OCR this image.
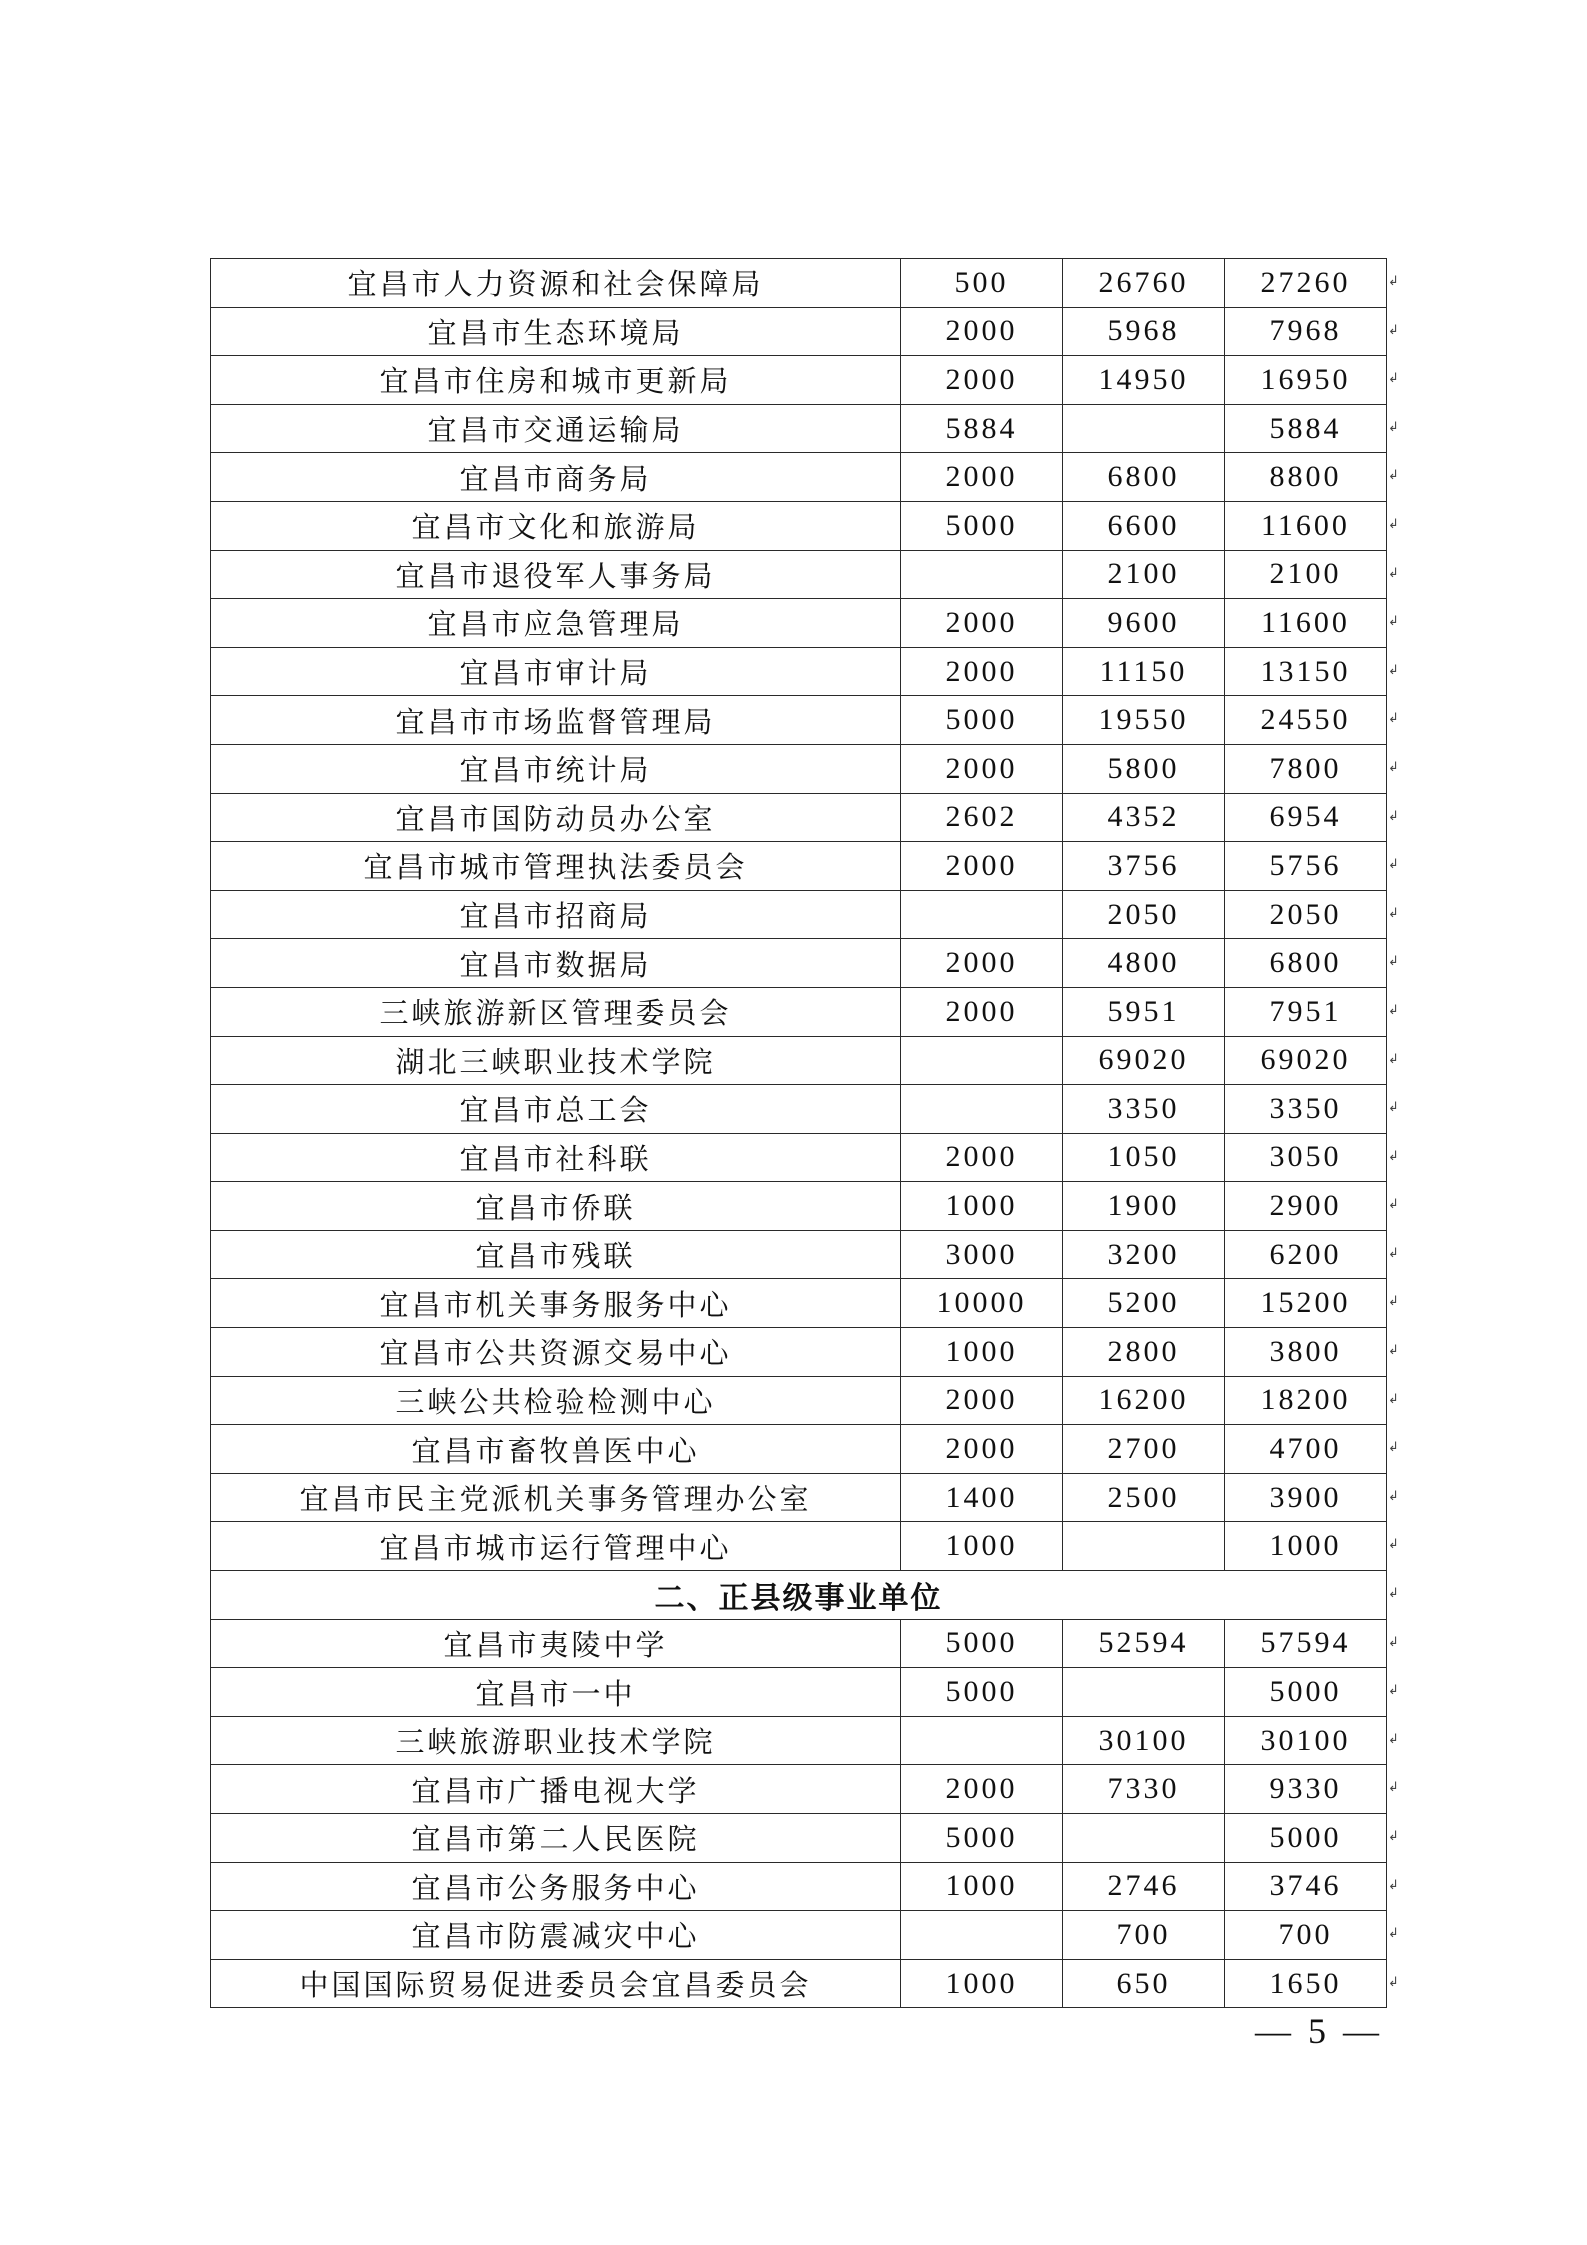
宜昌市人力资源和社会保障局	500	26760	27260
宜昌市生态环境局	2000	5968	7968
宜昌市住房和城市更新局	2000	14950	16950
宜昌市交通运输局	5884		5884
宜昌市商务局	2000	6800	8800
宜昌市文化和旅游局	5000	6600	11600
宜昌市退役军人事务局		2100	2100
宜昌市应急管理局	2000	9600	11600
宜昌市审计局	2000	11150	13150
宜昌市市场监督管理局	5000	19550	24550
宜昌市统计局	2000	5800	7800
宜昌市国防动员办公室	2602	4352	6954
宜昌市城市管理执法委员会	2000	3756	5756
宜昌市招商局		2050	2050
宜昌市数据局	2000	4800	6800
三峡旅游新区管理委员会	2000	5951	7951
湖北三峡职业技术学院		69020	69020
宜昌市总工会		3350	3350
宜昌市社科联	2000	1050	3050
宜昌市侨联	1000	1900	2900
宜昌市残联	3000	3200	6200
宜昌市机关事务服务中心	10000	5200	15200
宜昌市公共资源交易中心	1000	2800	3800
三峡公共检验检测中心	2000	16200	18200
宜昌市畜牧兽医中心	2000	2700	4700
宜昌市民主党派机关事务管理办公室	1400	2500	3900
宜昌市城市运行管理中心	1000		1000
二、正县级事业单位			
宜昌市夷陵中学	5000	52594	57594
宜昌市一中	5000		5000
三峡旅游职业技术学院		30100	30100
宜昌市广播电视大学	2000	7330	9330
宜昌市第二人民医院	5000		5000
宜昌市公务服务中心	1000	2746	3746
宜昌市防震减灾中心		700	700
中国国际贸易促进委员会宜昌委员会	1000	650	1650
↲
↲
↲
↲
↲
↲
↲
↲
↲
↲
↲
↲
↲
↲
↲
↲
↲
↲
↲
↲
↲
↲
↲
↲
↲
↲
↲
↲
↲
↲
↲
↲
↲
↲
↲
↲
— 5 —
